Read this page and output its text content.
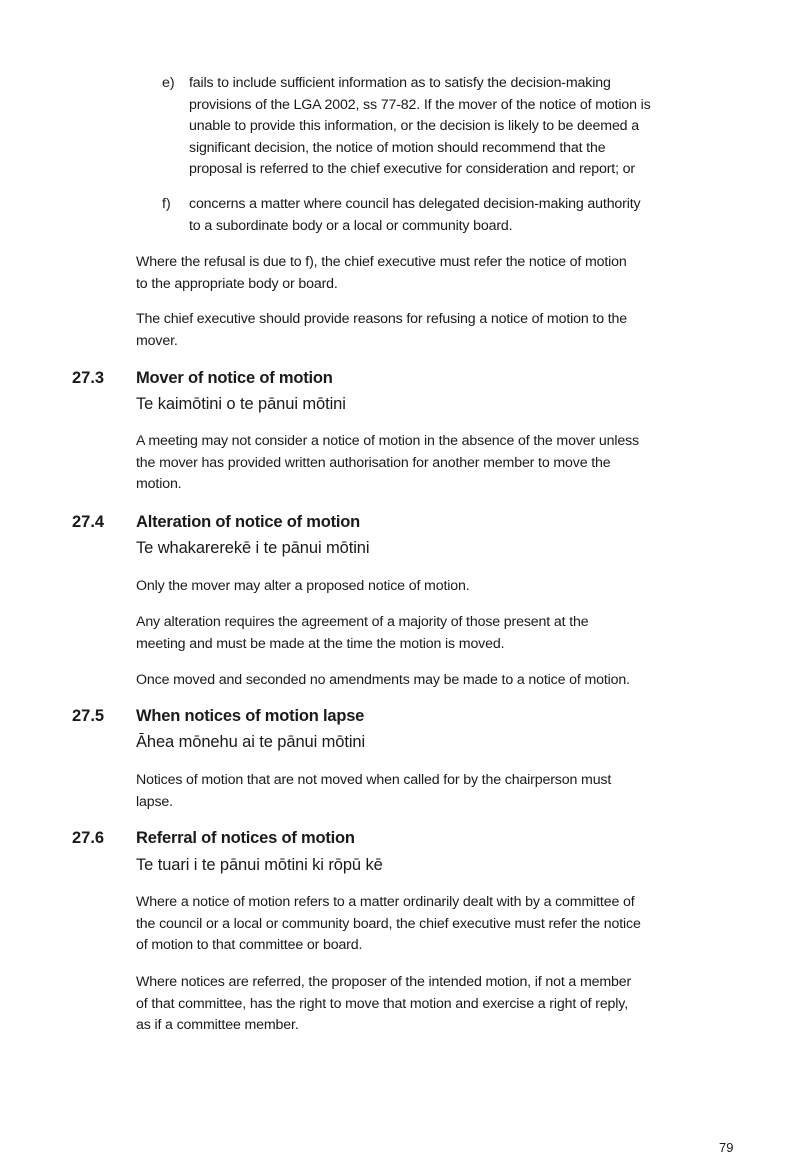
e) fails to include sufficient information as to satisfy the decision-making
provisions of the LGA 2002, ss 77-82. If the mover of the notice of motion is
unable to provide this information, or the decision is likely to be deemed a
significant decision, the notice of motion should recommend that the
proposal is referred to the chief executive for consideration and report; or
f) concerns a matter where council has delegated decision-making authority
to a subordinate body or a local or community board.
Where the refusal is due to f), the chief executive must refer the notice of motion
to the appropriate body or board.
The chief executive should provide reasons for refusing a notice of motion to the
mover.
27.3 Mover of notice of motion
Te kaimōtini o te pānui mōtini
A meeting may not consider a notice of motion in the absence of the mover unless
the mover has provided written authorisation for another member to move the
motion.
27.4 Alteration of notice of motion
Te whakarerekē i te pānui mōtini
Only the mover may alter a proposed notice of motion.
Any alteration requires the agreement of a majority of those present at the
meeting and must be made at the time the motion is moved.
Once moved and seconded no amendments may be made to a notice of motion.
27.5 When notices of motion lapse
Āhea mōnehu ai te pānui mōtini
Notices of motion that are not moved when called for by the chairperson must
lapse.
27.6 Referral of notices of motion
Te tuari i te pānui mōtini ki rōpū kē
Where a notice of motion refers to a matter ordinarily dealt with by a committee of
the council or a local or community board, the chief executive must refer the notice
of motion to that committee or board.
Where notices are referred, the proposer of the intended motion, if not a member
of that committee, has the right to move that motion and exercise a right of reply,
as if a committee member.
79
